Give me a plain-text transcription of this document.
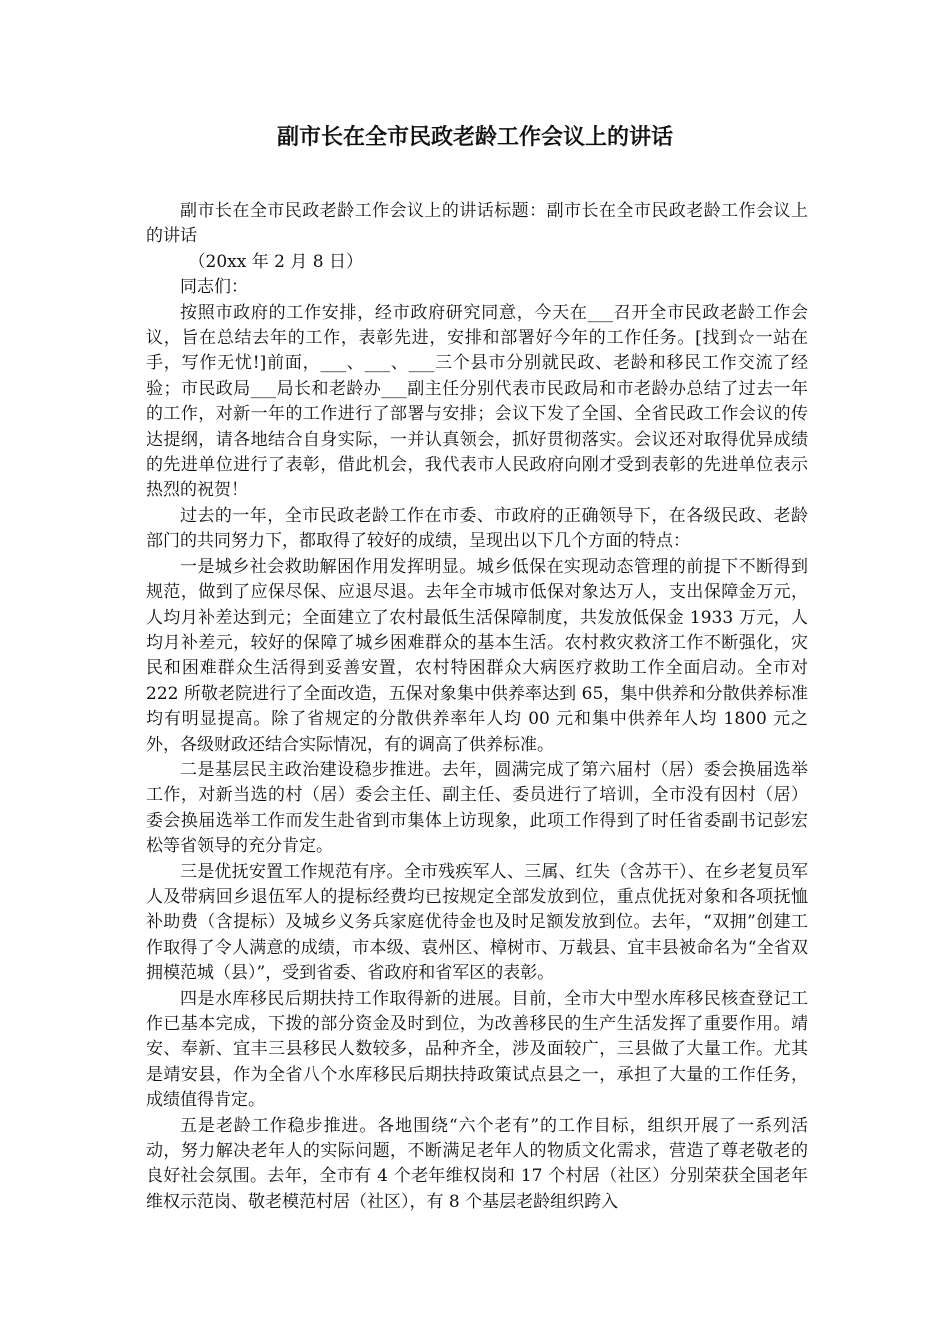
副市长在全市民政老龄工作会议上的讲话

副市长在全市民政老龄工作会议上的讲话标题：副市长在全市民政老龄工作会议上的讲话

（20xx 年 2 月 8 日）

同志们：

按照市政府的工作安排，经市政府研究同意，今天在___召开全市民政老龄工作会议，旨在总结去年的工作，表彰先进，安排和部署好今年的工作任务。[找到☆一站在手，写作无忧!]前面，___、___、___三个县市分别就民政、老龄和移民工作交流了经验；市民政局___局长和老龄办___副主任分别代表市民政局和市老龄办总结了过去一年的工作，对新一年的工作进行了部署与安排；会议下发了全国、全省民政工作会议的传达提纲，请各地结合自身实际，一并认真领会，抓好贯彻落实。会议还对取得优异成绩的先进单位进行了表彰，借此机会，我代表市人民政府向刚才受到表彰的先进单位表示热烈的祝贺！

过去的一年，全市民政老龄工作在市委、市政府的正确领导下，在各级民政、老龄部门的共同努力下，都取得了较好的成绩，呈现出以下几个方面的特点：

一是城乡社会救助解困作用发挥明显。城乡低保在实现动态管理的前提下不断得到规范，做到了应保尽保、应退尽退。去年全市城市低保对象达万人，支出保障金万元，人均月补差达到元；全面建立了农村最低生活保障制度，共发放低保金 1933 万元，人均月补差元，较好的保障了城乡困难群众的基本生活。农村救灾救济工作不断强化，灾民和困难群众生活得到妥善安置，农村特困群众大病医疗救助工作全面启动。全市对 222 所敬老院进行了全面改造，五保对象集中供养率达到 65，集中供养和分散供养标准均有明显提高。除了省规定的分散供养率年人均 00 元和集中供养年人均 1800 元之外，各级财政还结合实际情况，有的调高了供养标准。

二是基层民主政治建设稳步推进。去年，圆满完成了第六届村（居）委会换届选举工作，对新当选的村（居）委会主任、副主任、委员进行了培训，全市没有因村（居）委会换届选举工作而发生赴省到市集体上访现象，此项工作得到了时任省委副书记彭宏松等省领导的充分肯定。

三是优抚安置工作规范有序。全市残疾军人、三属、红失（含苏干）、在乡老复员军人及带病回乡退伍军人的提标经费均已按规定全部发放到位，重点优抚对象和各项抚恤补助费（含提标）及城乡义务兵家庭优待金也及时足额发放到位。去年，“双拥”创建工作取得了令人满意的成绩，市本级、袁州区、樟树市、万载县、宜丰县被命名为“全省双拥模范城（县）”，受到省委、省政府和省军区的表彰。

四是水库移民后期扶持工作取得新的进展。目前，全市大中型水库移民核查登记工作已基本完成，下拨的部分资金及时到位，为改善移民的生产生活发挥了重要作用。靖安、奉新、宜丰三县移民人数较多，品种齐全，涉及面较广，三县做了大量工作。尤其是靖安县，作为全省八个水库移民后期扶持政策试点县之一，承担了大量的工作任务，成绩值得肯定。

五是老龄工作稳步推进。各地围绕“六个老有”的工作目标，组织开展了一系列活动，努力解决老年人的实际问题，不断满足老年人的物质文化需求，营造了尊老敬老的良好社会氛围。去年，全市有 4 个老年维权岗和 17 个村居（社区）分别荣获全国老年维权示范岗、敬老模范村居（社区），有 8 个基层老龄组织跨入
